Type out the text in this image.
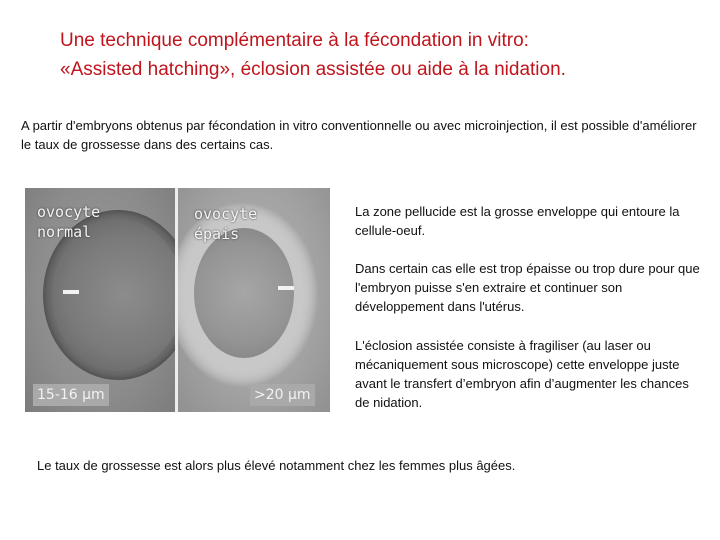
Une technique complémentaire à la fécondation in vitro:
«Assisted hatching», éclosion assistée ou aide à la nidation.
A partir d'embryons obtenus par fécondation in vitro conventionnelle ou avec microinjection, il est possible d'améliorer le taux de grossesse dans des certains cas.
ovocyte
normal
15-16 µm
ovocyte
épais
>20 µm
La zone pellucide est la grosse enveloppe qui entoure la cellule-oeuf.
Dans certain cas elle est trop épaisse ou trop dure pour que l'embryon puisse s'en extraire et continuer son développement dans l'utérus.
L'éclosion assistée consiste à fragiliser (au laser ou mécaniquement sous microscope) cette enveloppe juste avant le transfert d’embryon afin d’augmenter les chances de nidation.
Le taux de grossesse est alors plus élevé notamment chez les femmes plus âgées.
